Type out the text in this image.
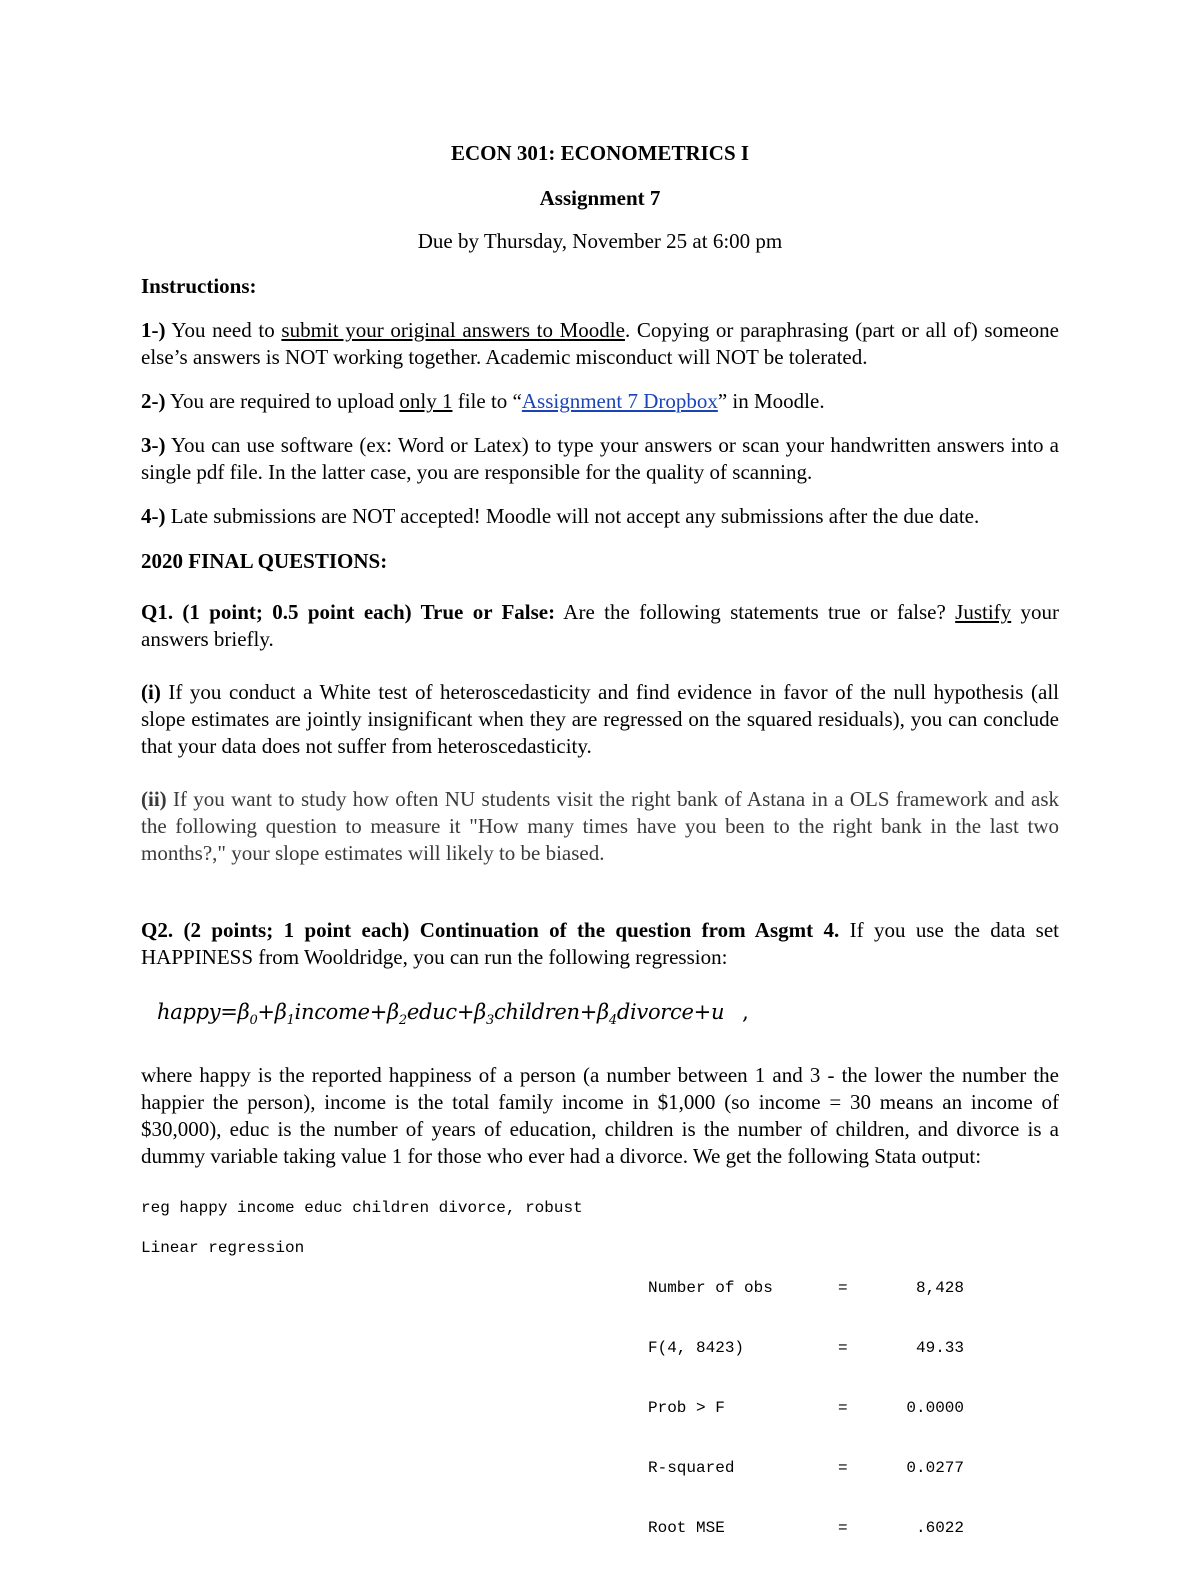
ECON 301: ECONOMETRICS I

Assignment 7

Due by Thursday, November 25 at 6:00 pm

Instructions:

1-) You need to submit your original answers to Moodle. Copying or paraphrasing (part or all of) someone else’s answers is NOT working together. Academic misconduct will NOT be tolerated.

2-) You are required to upload only 1 file to “Assignment 7 Dropbox” in Moodle.

3-) You can use software (ex: Word or Latex) to type your answers or scan your handwritten answers into a single pdf file. In the latter case, you are responsible for the quality of scanning.

4-) Late submissions are NOT accepted! Moodle will not accept any submissions after the due date.

2020 FINAL QUESTIONS:

Q1. (1 point; 0.5 point each) True or False: Are the following statements true or false? Justify your answers briefly.

(i) If you conduct a White test of heteroscedasticity and find evidence in favor of the null hypothesis (all slope estimates are jointly insignificant when they are regressed on the squared residuals), you can conclude that your data does not suffer from heteroscedasticity.

(ii) If you want to study how often NU students visit the right bank of Astana in a OLS framework and ask the following question to measure it "How many times have you been to the right bank in the last two months?," your slope estimates will likely to be biased.

Q2. (2 points; 1 point each) Continuation of the question from Asgmt 4. If you use the data set HAPPINESS from Wooldridge, you can run the following regression:

$happy=\beta_0+\beta_1income+\beta_2educ+\beta_3children+\beta_4divorce+u$ ,

where happy is the reported happiness of a person (a number between 1 and 3 - the lower the number the happier the person), income is the total family income in $1,000 (so income = 30 means an income of $30,000), educ is the number of years of education, children is the number of children, and divorce is a dummy variable taking value 1 for those who ever had a divorce. We get the following Stata output:

reg happy income educ children divorce, robust

Linear regression

Number of obs	=	8,428

F(4, 8423)	=	49.33

Prob > F	=	0.0000

R-squared	=	0.0277

Root MSE	=	.6022
